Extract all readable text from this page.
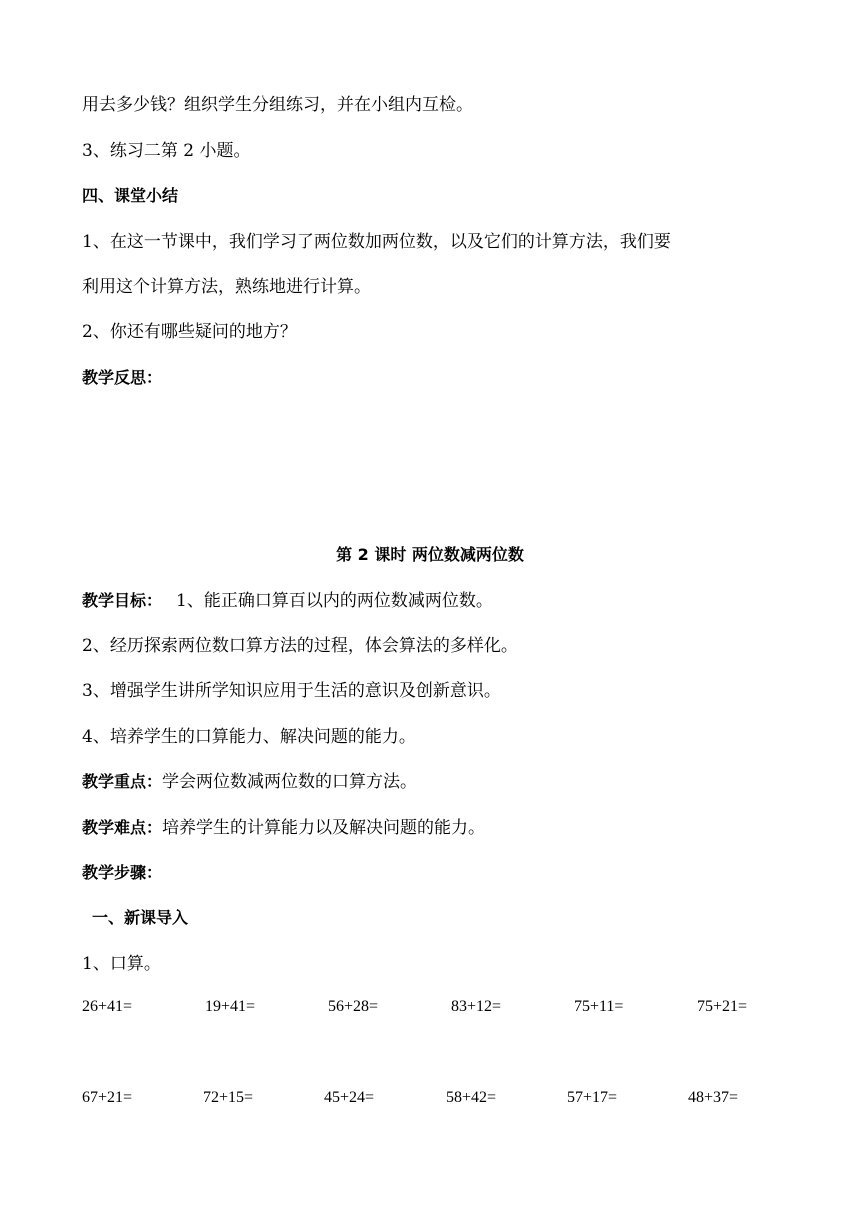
用去多少钱？组织学生分组练习，并在小组内互检。
3、练习二第 2 小题。
四、课堂小结
1、在这一节课中，我们学习了两位数加两位数，以及它们的计算方法，我们要
利用这个计算方法，熟练地进行计算。
2、你还有哪些疑问的地方？
教学反思：
第 2 课时 两位数减两位数
教学目标： 1、能正确口算百以内的两位数减两位数。
2、经历探索两位数口算方法的过程，体会算法的多样化。
3、增强学生讲所学知识应用于生活的意识及创新意识。
4、培养学生的口算能力、解决问题的能力。
教学重点：学会两位数减两位数的口算方法。
教学难点：培养学生的计算能力以及解决问题的能力。
教学步骤：
一、新课导入
1、口算。
26+41=	19+41=	56+28=	83+12=	75+11=	75+21=
67+21=	72+15=	45+24=	58+42=	57+17=	48+37=
